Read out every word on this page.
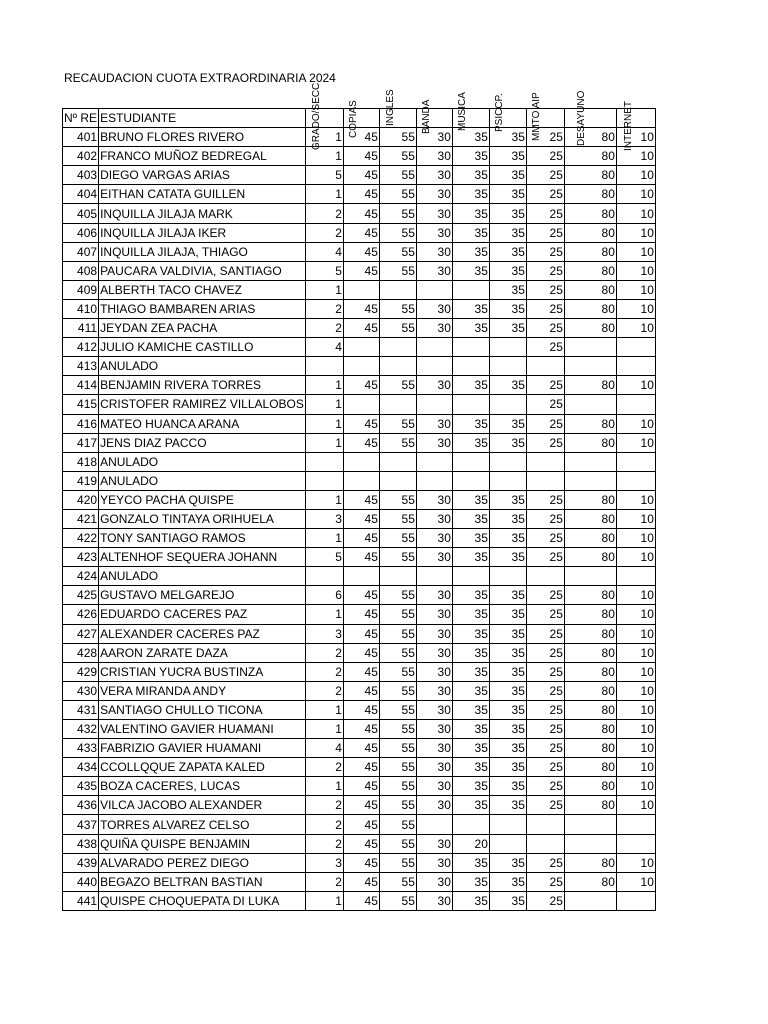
RECAUDACION CUOTA EXTRAORDINARIA 2024
GRADO/SECC.	COPIAS	INGLES	BANDA	MUSICA	PSICCP.	MMTO AIP	DESAYUNO	INTERNET
Nº RE	ESTUDIANTE									
401	BRUNO FLORES RIVERO	1	45	55	30	35	35	25	80	10
402	FRANCO MUÑOZ BEDREGAL	1	45	55	30	35	35	25	80	10
403	DIEGO VARGAS ARIAS	5	45	55	30	35	35	25	80	10
404	EITHAN CATATA GUILLEN	1	45	55	30	35	35	25	80	10
405	INQUILLA JILAJA MARK	2	45	55	30	35	35	25	80	10
406	INQUILLA JILAJA IKER	2	45	55	30	35	35	25	80	10
407	INQUILLA JILAJA, THIAGO	4	45	55	30	35	35	25	80	10
408	PAUCARA VALDIVIA, SANTIAGO	5	45	55	30	35	35	25	80	10
409	ALBERTH TACO CHAVEZ	1					35	25	80	10
410	THIAGO BAMBAREN ARIAS	2	45	55	30	35	35	25	80	10
411	JEYDAN ZEA PACHA	2	45	55	30	35	35	25	80	10
412	JULIO KAMICHE CASTILLO	4						25		
413	ANULADO									
414	BENJAMIN RIVERA TORRES	1	45	55	30	35	35	25	80	10
415	CRISTOFER RAMIREZ VILLALOBOS	1						25		
416	MATEO HUANCA ARANA	1	45	55	30	35	35	25	80	10
417	JENS DIAZ PACCO	1	45	55	30	35	35	25	80	10
418	ANULADO									
419	ANULADO									
420	YEYCO PACHA QUISPE	1	45	55	30	35	35	25	80	10
421	GONZALO TINTAYA ORIHUELA	3	45	55	30	35	35	25	80	10
422	TONY SANTIAGO RAMOS	1	45	55	30	35	35	25	80	10
423	ALTENHOF SEQUERA JOHANN	5	45	55	30	35	35	25	80	10
424	ANULADO									
425	GUSTAVO MELGAREJO	6	45	55	30	35	35	25	80	10
426	EDUARDO CACERES PAZ	1	45	55	30	35	35	25	80	10
427	ALEXANDER CACERES PAZ	3	45	55	30	35	35	25	80	10
428	AARON ZARATE DAZA	2	45	55	30	35	35	25	80	10
429	CRISTIAN YUCRA BUSTINZA	2	45	55	30	35	35	25	80	10
430	VERA MIRANDA ANDY	2	45	55	30	35	35	25	80	10
431	SANTIAGO CHULLO TICONA	1	45	55	30	35	35	25	80	10
432	VALENTINO GAVIER HUAMANI	1	45	55	30	35	35	25	80	10
433	FABRIZIO GAVIER HUAMANI	4	45	55	30	35	35	25	80	10
434	CCOLLQQUE ZAPATA KALED	2	45	55	30	35	35	25	80	10
435	BOZA CACERES, LUCAS	1	45	55	30	35	35	25	80	10
436	VILCA JACOBO ALEXANDER	2	45	55	30	35	35	25	80	10
437	TORRES ALVAREZ CELSO	2	45	55						
438	QUIÑA QUISPE BENJAMIN	2	45	55	30	20				
439	ALVARADO PEREZ DIEGO	3	45	55	30	35	35	25	80	10
440	BEGAZO BELTRAN BASTIAN	2	45	55	30	35	35	25	80	10
441	QUISPE CHOQUEPATA DI LUKA	1	45	55	30	35	35	25		
